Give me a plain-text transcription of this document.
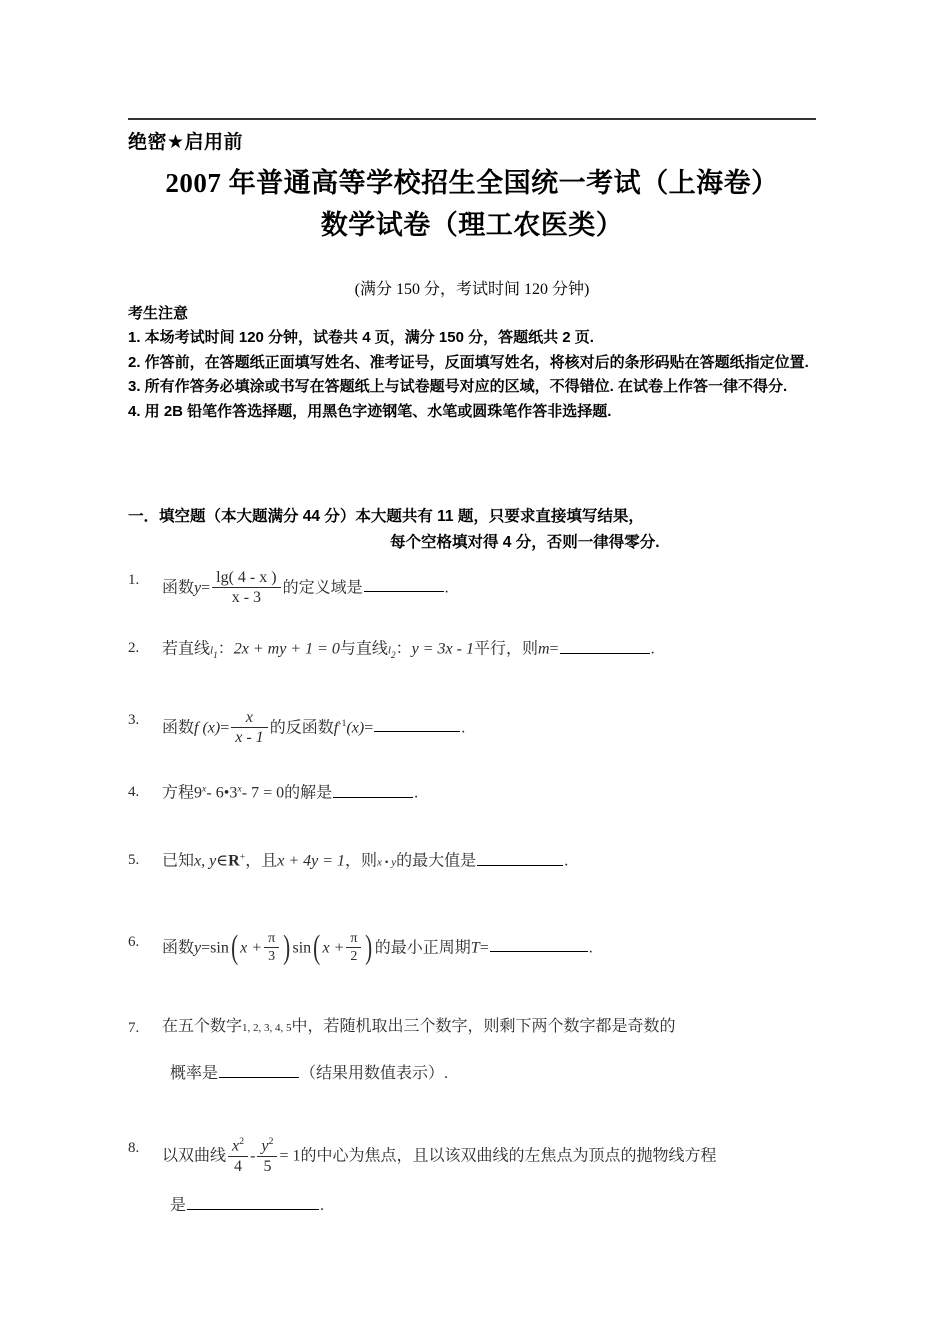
绝密★启用前
2007 年普通高等学校招生全国统一考试（上海卷）
数学试卷（理工农医类）
(满分 150 分，考试时间 120 分钟)
考生注意
1. 本场考试时间 120 分钟，试卷共 4 页，满分 150 分，答题纸共 2 页.
2. 作答前，在答题纸正面填写姓名、准考证号，反面填写姓名，将核对后的条形码贴在答题纸指定位置.
3. 所有作答务必填涂或书写在答题纸上与试卷题号对应的区域，不得错位. 在试卷上作答一律不得分.
4. 用 2B 铅笔作答选择题，用黑色字迹钢笔、水笔或圆珠笔作答非选择题.
一．填空题（本大题满分 44 分）本大题共有 11 题，只要求直接填写结果，
每个空格填对得 4 分，否则一律得零分.
1.	函数$y= \frac{\lg( 4 - x )}{x - 3}$ 的定义域是	.
2.	若直线$l_1$：2x + my + 1 = 0与直线$l_2$：y = 3x - 1平行，则m=	.
3.	函数f $(x)= \frac{x}{x - 1}$ 的反函数$f^{-1}(x)=$	.
4.	方程9$^x$- 6•3$^x$- 7 = 0的解是	.
5.	已知x, y∈R+，且x + 4y = 1，则x • y的最大值是	.
6.	函数y=sin( $x + \frac{\pi}{3}$ ) sin( $x + \frac{\pi}{2}$ ) 的最小正周期T=	.
7.	在五个数字1, 2, 3, 4, 5中，若随机取出三个数字，则剩下两个数字都是奇数的
概率是	（结果用数值表示）.
8.	以双曲线 $\frac{x^2}{4} - \frac{y^2}{5} = 1$的中心为焦点，且以该双曲线的左焦点为顶点的抛物线方程
是	.
